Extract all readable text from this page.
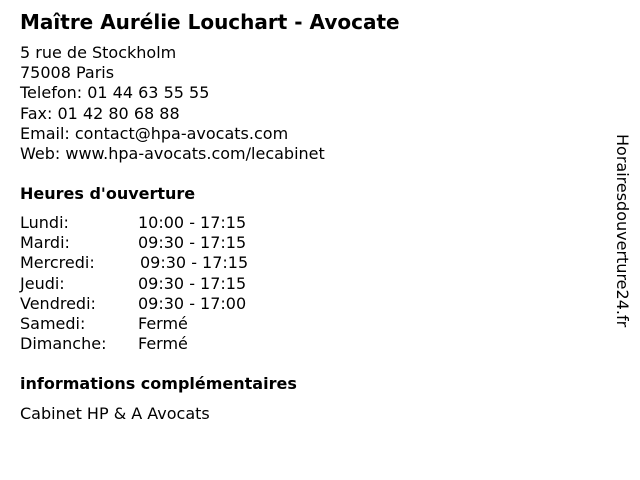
Maître Aurélie Louchart - Avocate
5 rue de Stockholm
75008 Paris
Telefon: 01 44 63 55 55
Fax: 01 42 80 68 88
Email: contact@hpa-avocats.com
Web: www.hpa-avocats.com/lecabinet
Heures d'ouverture
Lundi:	10:00 - 17:15
Mardi:	09:30 - 17:15
Mercredi:	09:30 - 17:15
Jeudi:	09:30 - 17:15
Vendredi:	09:30 - 17:00
Samedi:	Fermé
Dimanche: Fermé
informations complémentaires
Cabinet HP & A Avocats
Horairesdouverture24.fr
